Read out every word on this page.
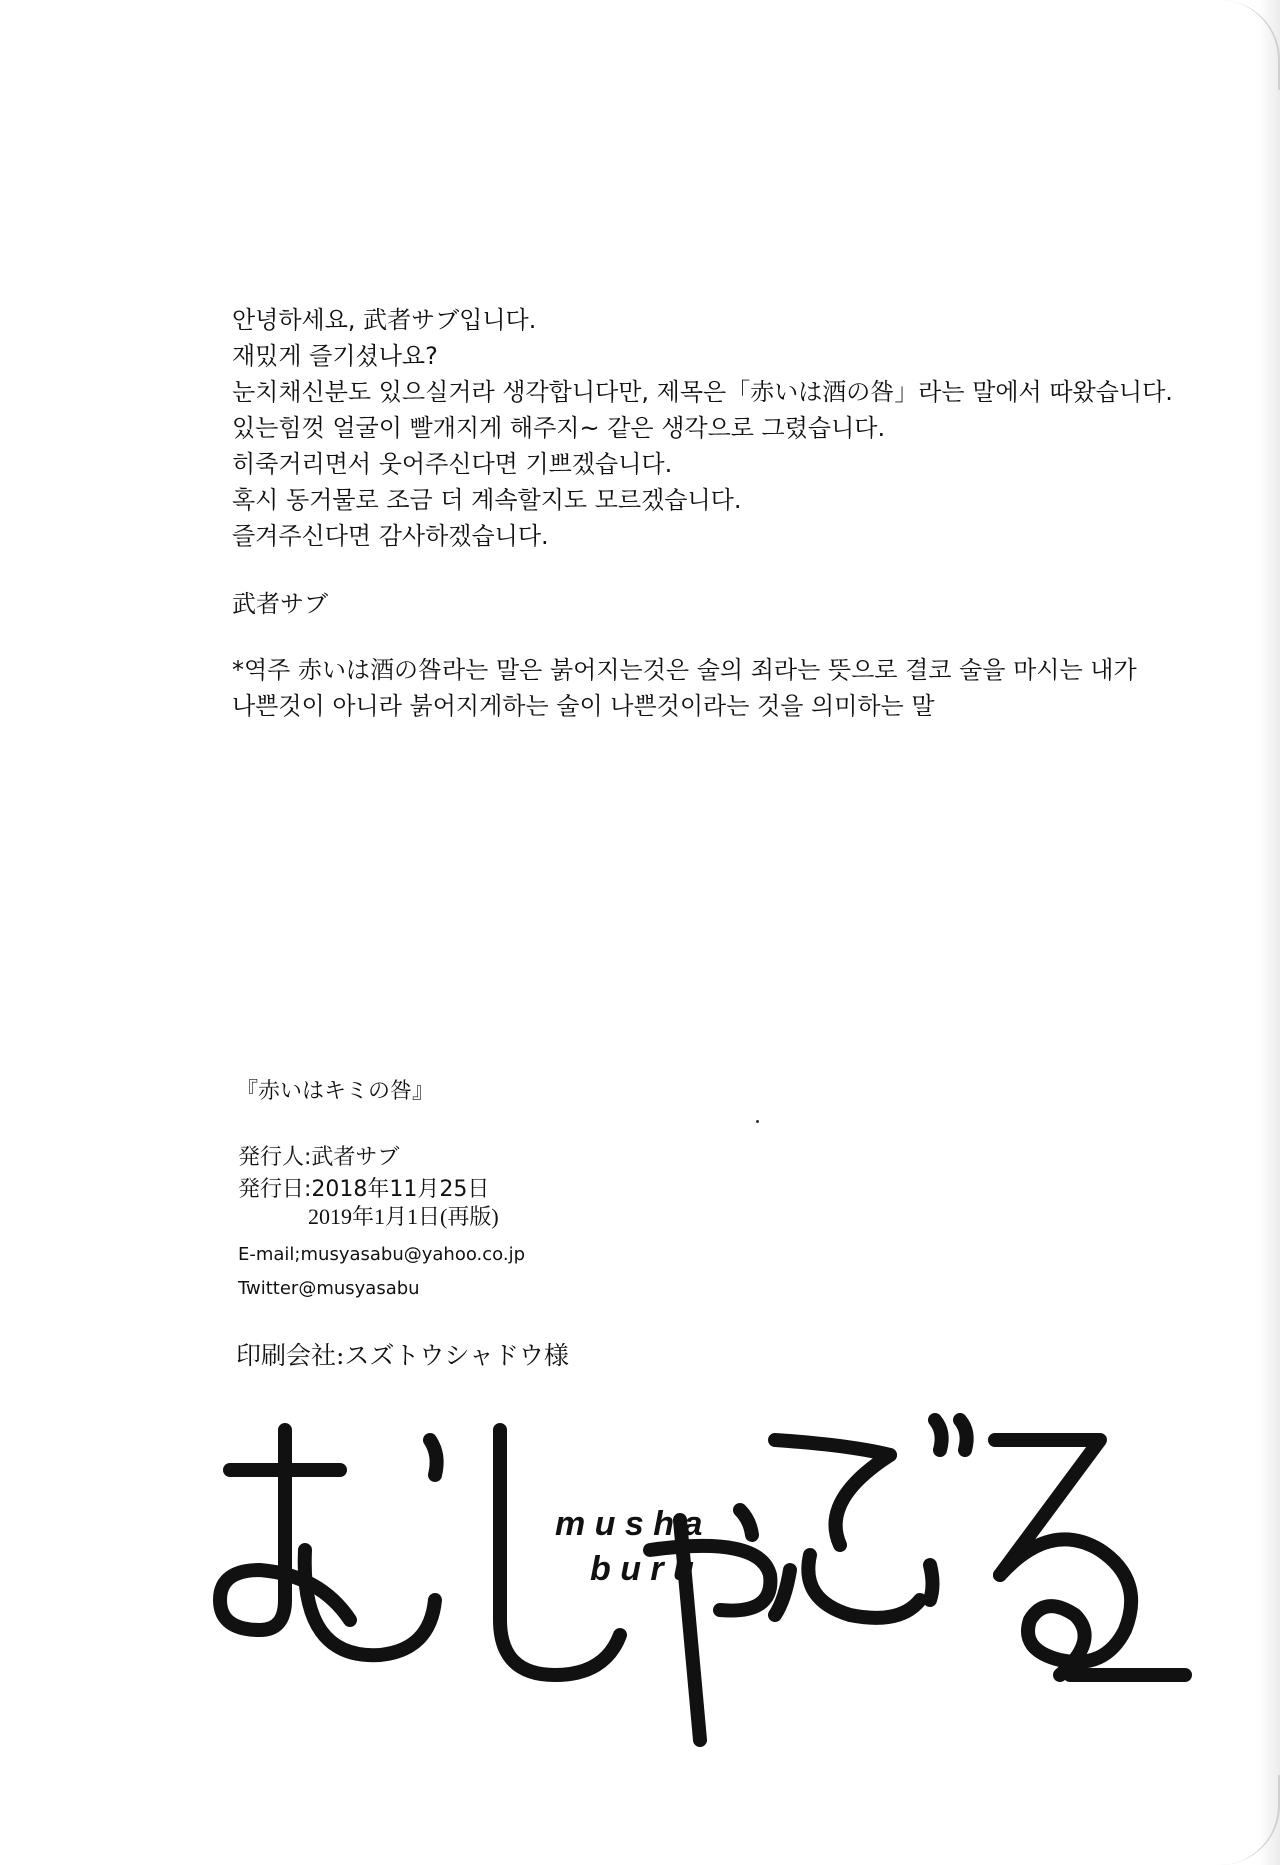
안녕하세요, 武者サブ입니다.
재밌게 즐기셨나요?
눈치채신분도 있으실거라 생각합니다만, 제목은「赤いは酒の咎」라는 말에서 따왔습니다.
있는힘껏 얼굴이 빨개지게 해주지~ 같은 생각으로 그렸습니다.
히죽거리면서 웃어주신다면 기쁘겠습니다.
혹시 동거물로 조금 더 계속할지도 모르겠습니다.
즐겨주신다면 감사하겠습니다.
武者サブ
*역주 赤いは酒の咎라는 말은 붉어지는것은 술의 죄라는 뜻으로 결코 술을 마시는 내가
나쁜것이 아니라 붉어지게하는 술이 나쁜것이라는 것을 의미하는 말
『赤いはキミの咎』
発行人:武者サブ
発行日:2018年11月25日
2019年1月1日(再版)
E-mail;musyasabu@yahoo.co.jp
Twitter@musyasabu
印刷会社:スズトウシャドウ様
m u s h a
b u r u
